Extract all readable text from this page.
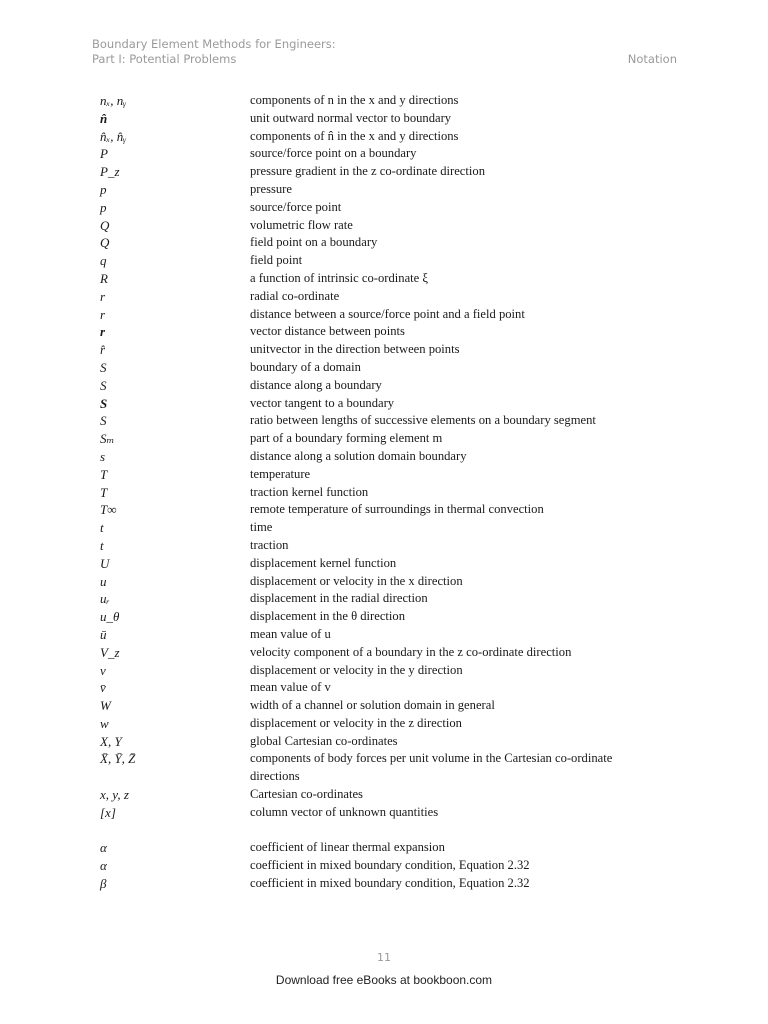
Boundary Element Methods for Engineers:
Part I: Potential Problems	Notation
nₓ, nᵧ	components of n in the x and y directions
n̂	unit outward normal vector to boundary
n̂ₓ, n̂ᵧ	components of n̂ in the x and y directions
P	source/force point on a boundary
P_z	pressure gradient in the z co-ordinate direction
p	pressure
p	source/force point
Q	volumetric flow rate
Q	field point on a boundary
q	field point
R	a function of intrinsic co-ordinate ξ
r	radial co-ordinate
r	distance between a source/force point and a field point
r	vector distance between points
r̂	unitvector in the direction between points
S	boundary of a domain
S	distance along a boundary
S	vector tangent to a boundary
S	ratio between lengths of successive elements on a boundary segment
Sₘ	part of a boundary forming element m
s	distance along a solution domain boundary
T	temperature
T	traction kernel function
T∞	remote temperature of surroundings in thermal convection
t	time
t	traction
U	displacement kernel function
u	displacement or velocity in the x direction
uᵣ	displacement in the radial direction
u_θ	displacement in the θ direction
ū	mean value of u
V_z	velocity component of a boundary in the z co-ordinate direction
v	displacement or velocity in the y direction
v̄	mean value of v
W	width of a channel or solution domain in general
w	displacement or velocity in the z direction
X, Y	global Cartesian co-ordinates
X̄, Ȳ, Z̄	components of body forces per unit volume in the Cartesian co-ordinate
directions
x, y, z	Cartesian co-ordinates
[x]	column vector of unknown quantities
α	coefficient of linear thermal expansion
α	coefficient in mixed boundary condition, Equation 2.32
β	coefficient in mixed boundary condition, Equation 2.32
11
Download free eBooks at bookboon.com
